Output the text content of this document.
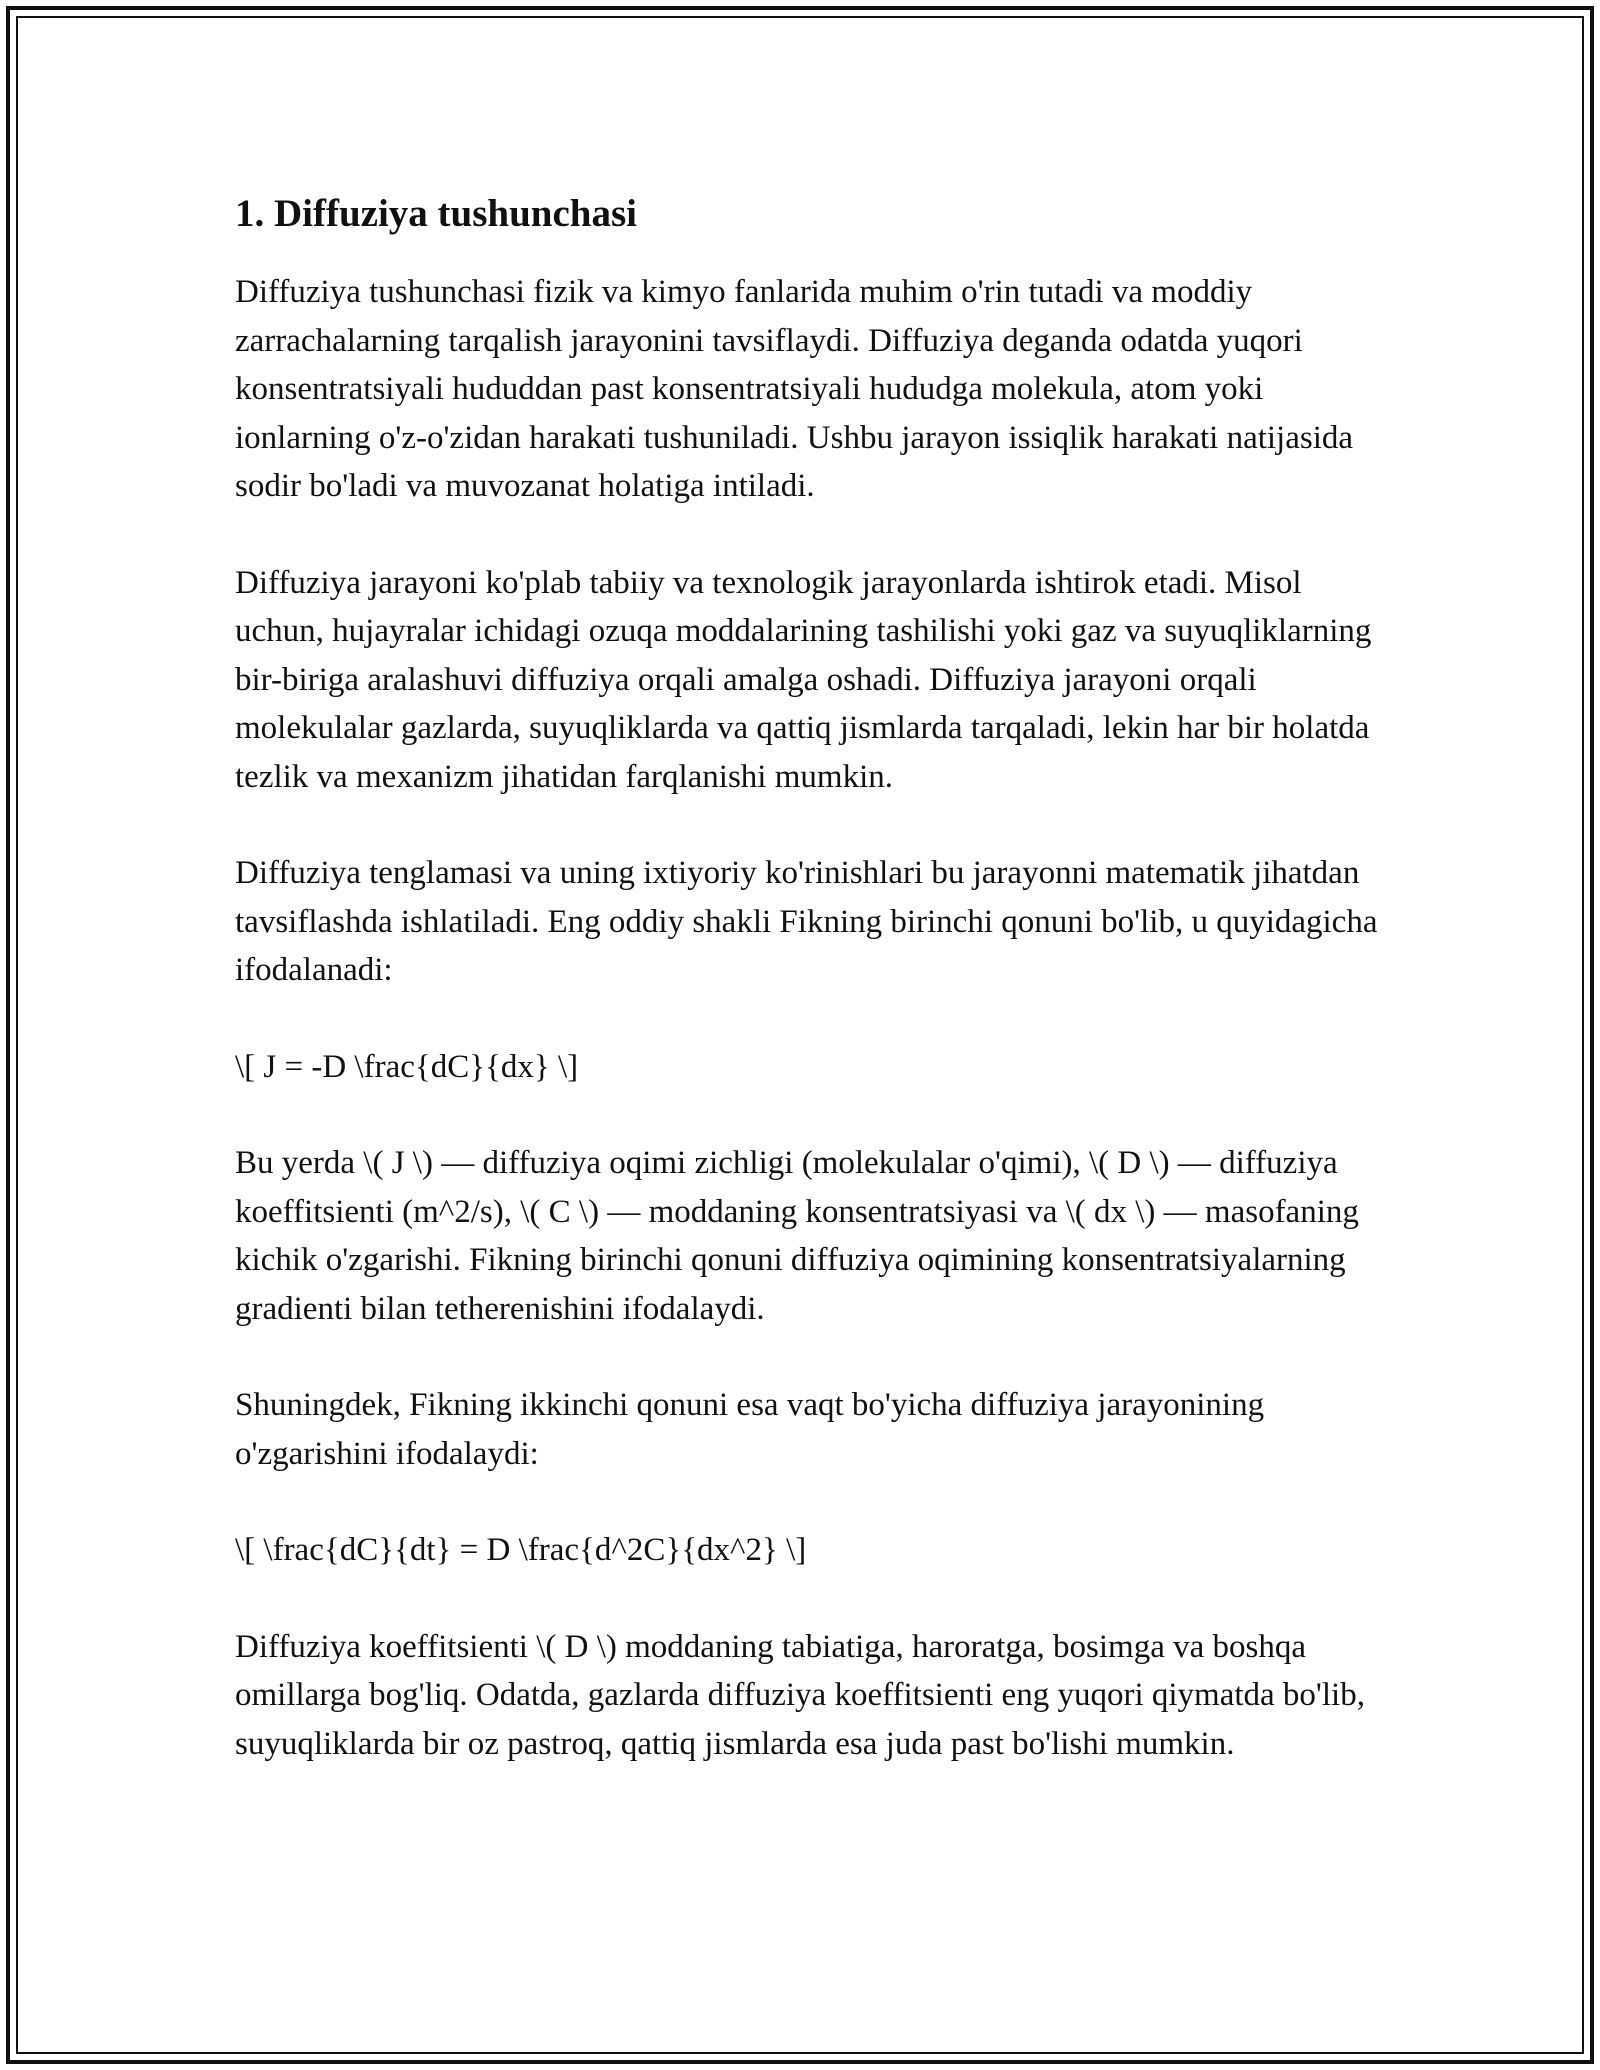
1. Diffuziya tushunchasi

Diffuziya tushunchasi fizik va kimyo fanlarida muhim o'rin tutadi va moddiy zarrachalarning tarqalish jarayonini tavsiflaydi. Diffuziya deganda odatda yuqori konsentratsiyali hududdan past konsentratsiyali hududga molekula, atom yoki ionlarning o'z-o'zidan harakati tushuniladi. Ushbu jarayon issiqlik harakati natijasida sodir bo'ladi va muvozanat holatiga intiladi.

Diffuziya jarayoni ko'plab tabiiy va texnologik jarayonlarda ishtirok etadi. Misol uchun, hujayralar ichidagi ozuqa moddalarining tashilishi yoki gaz va suyuqliklarning bir-biriga aralashuvi diffuziya orqali amalga oshadi. Diffuziya jarayoni orqali molekulalar gazlarda, suyuqliklarda va qattiq jismlarda tarqaladi, lekin har bir holatda tezlik va mexanizm jihatidan farqlanishi mumkin.

Diffuziya tenglamasi va uning ixtiyoriy ko'rinishlari bu jarayonni matematik jihatdan tavsiflashda ishlatiladi. Eng oddiy shakli Fikning birinchi qonuni bo'lib, u quyidagicha ifodalanadi:

\[ J = -D \frac{dC}{dx} \]

Bu yerda \( J \) — diffuziya oqimi zichligi (molekulalar o'qimi), \( D \) — diffuziya koeffitsienti (m^2/s), \( C \) — moddaning konsentratsiyasi va \( dx \) — masofaning kichik o'zgarishi. Fikning birinchi qonuni diffuziya oqimining konsentratsiyalarning gradienti bilan tetherenishini ifodalaydi.

Shuningdek, Fikning ikkinchi qonuni esa vaqt bo'yicha diffuziya jarayonining o'zgarishini ifodalaydi:

\[ \frac{dC}{dt} = D \frac{d^2C}{dx^2} \]

Diffuziya koeffitsienti \( D \) moddaning tabiatiga, haroratga, bosimga va boshqa omillarga bog'liq. Odatda, gazlarda diffuziya koeffitsienti eng yuqori qiymatda bo'lib, suyuqliklarda bir oz pastroq, qattiq jismlarda esa juda past bo'lishi mumkin.
